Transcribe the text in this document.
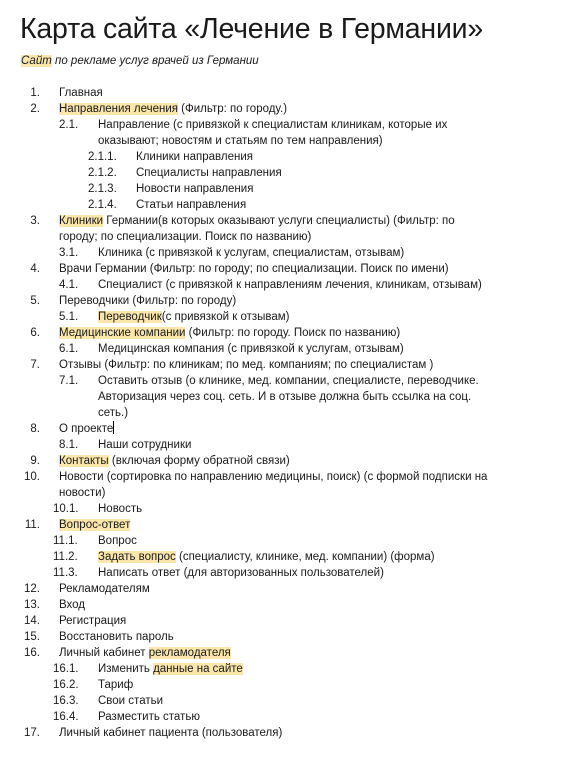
Карта сайта «Лечение в Германии»
Сайт по рекламе услуг врачей из Германии
1. Главная
2. Направления лечения (Фильтр: по городу.)
2.1. Направление (с привязкой к специалистам клиникам, которые их оказывают; новостям и статьям по тем направления)
2.1.1.	Клиники направления
2.1.2.	Специалисты направления
2.1.3.	Новости направления
2.1.4.	Статьи направления
3. Клиники Германии(в которых оказывают услуги специалисты) (Фильтр: по городу; по специализации. Поиск по названию)
3.1. Клиника (с привязкой к услугам, специалистам, отзывам)
4. Врачи Германии (Фильтр: по городу; по специализации. Поиск по имени)
4.1. Специалист (с привязкой к направлениям лечения, клиникам, отзывам)
5. Переводчики (Фильтр: по городу)
5.1. Переводчик(с привязкой к отзывам)
6. Медицинские компании (Фильтр: по городу. Поиск по названию)
6.1. Медицинская компания (с привязкой к услугам, отзывам)
7. Отзывы (Фильтр: по клиникам; по мед. компаниям; по специалистам )
7.1. Оставить отзыв (о клинике, мед. компании, специалисте, переводчике. Авторизация через соц. сеть. И в отзыве должна быть ссылка на соц. сеть.)
8. О проекте
8.1. Наши сотрудники
9. Контакты (включая форму обратной связи)
10. Новости (сортировка по направлению медицины, поиск) (с формой подписки на новости)
10.1. Новость
11. Вопрос-ответ
11.1. Вопрос
11.2. Задать вопрос (специалисту, клинике, мед. компании) (форма)
11.3. Написать ответ (для авторизованных пользователей)
12. Рекламодателям
13. Вход
14. Регистрация
15. Восстановить пароль
16. Личный кабинет рекламодателя
16.1. Изменить данные на сайте
16.2. Тариф
16.3. Свои статьи
16.4. Разместить статью
17. Личный кабинет пациента (пользователя)
